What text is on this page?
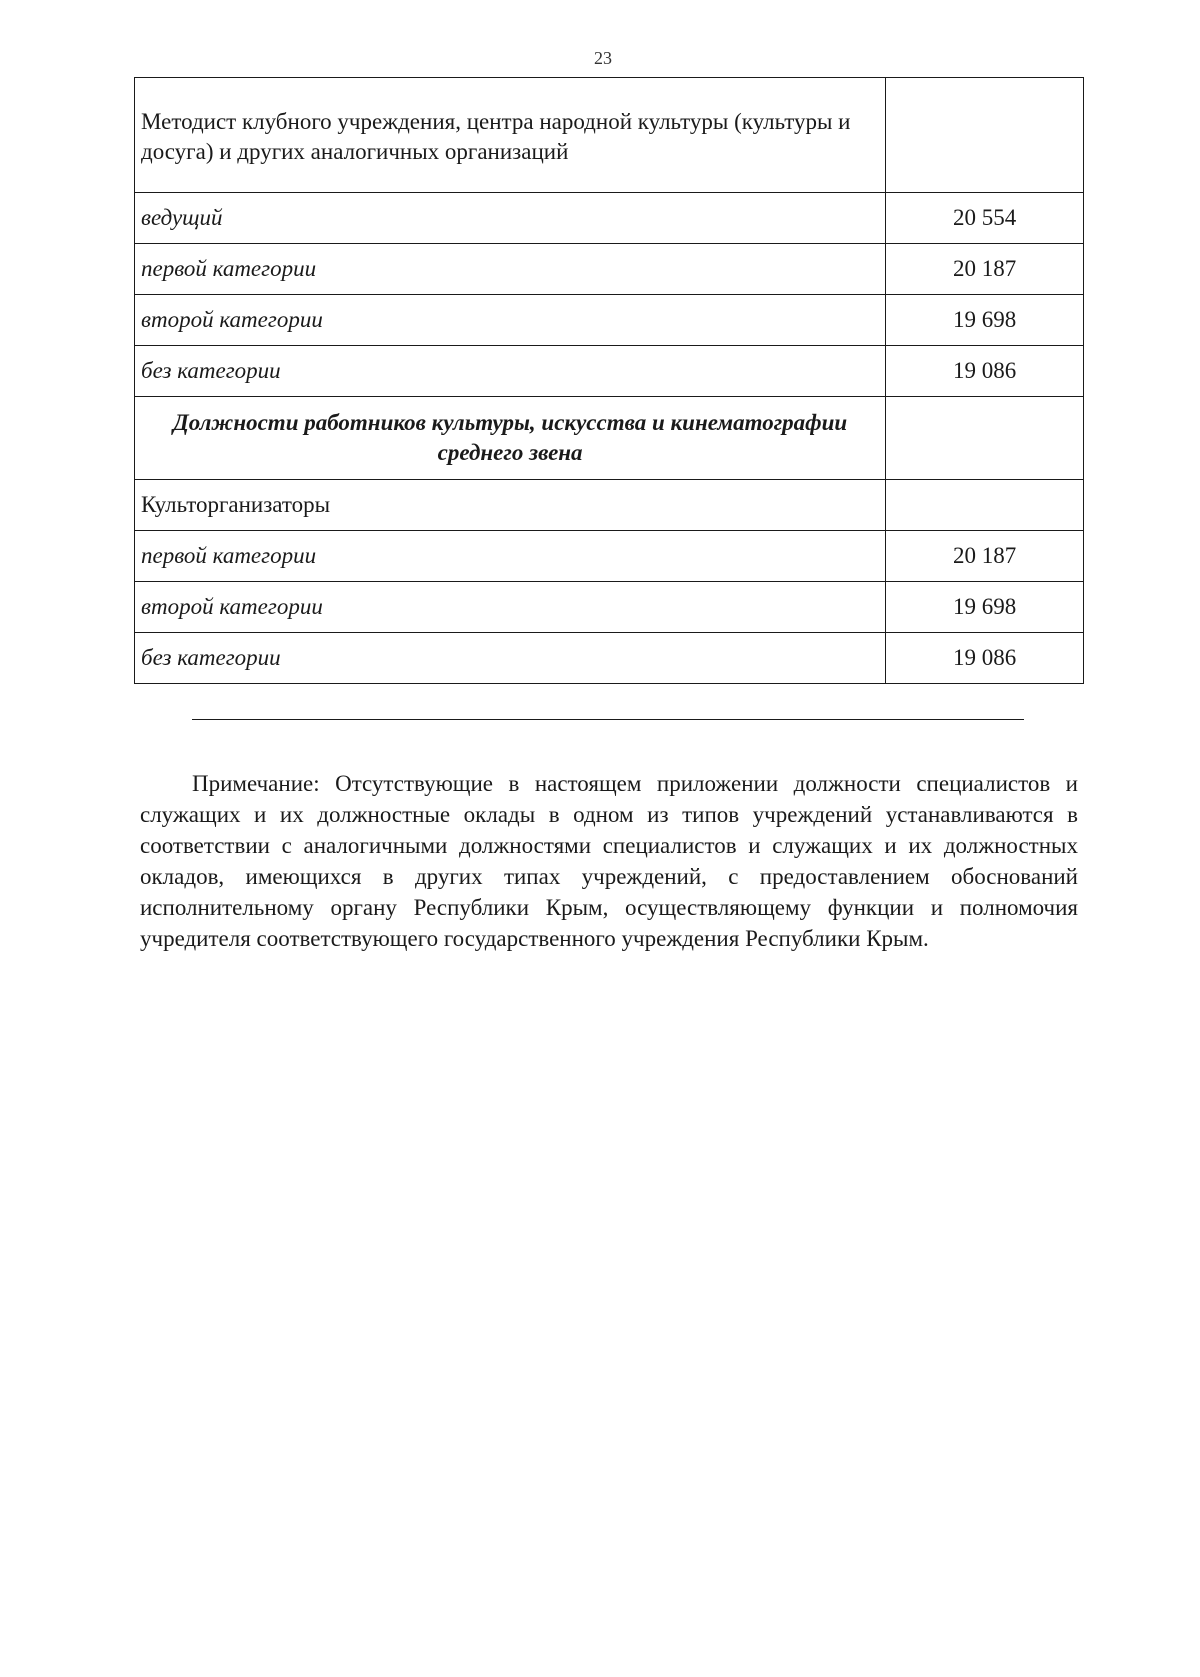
23
Методист клубного учреждения, центра народной культуры (культуры и досуга) и других аналогичных организаций	

ведущий	20 554
первой категории	20 187
второй категории	19 698
без категории	19 086
Должности работников культуры, искусства и кинематографии среднего звена	
Культорганизаторы	
первой категории	20 187
второй категории	19 698
без категории	19 086

Примечание: Отсутствующие в настоящем приложении должности специалистов и служащих и их должностные оклады в одном из типов учреждений устанавливаются в соответствии с аналогичными должностями специалистов и служащих и их должностных окладов, имеющихся в других типах учреждений, с предоставлением обоснований исполнительному органу Республики Крым, осуществляющему функции и полномочия учредителя соответствующего государственного учреждения Республики Крым.
